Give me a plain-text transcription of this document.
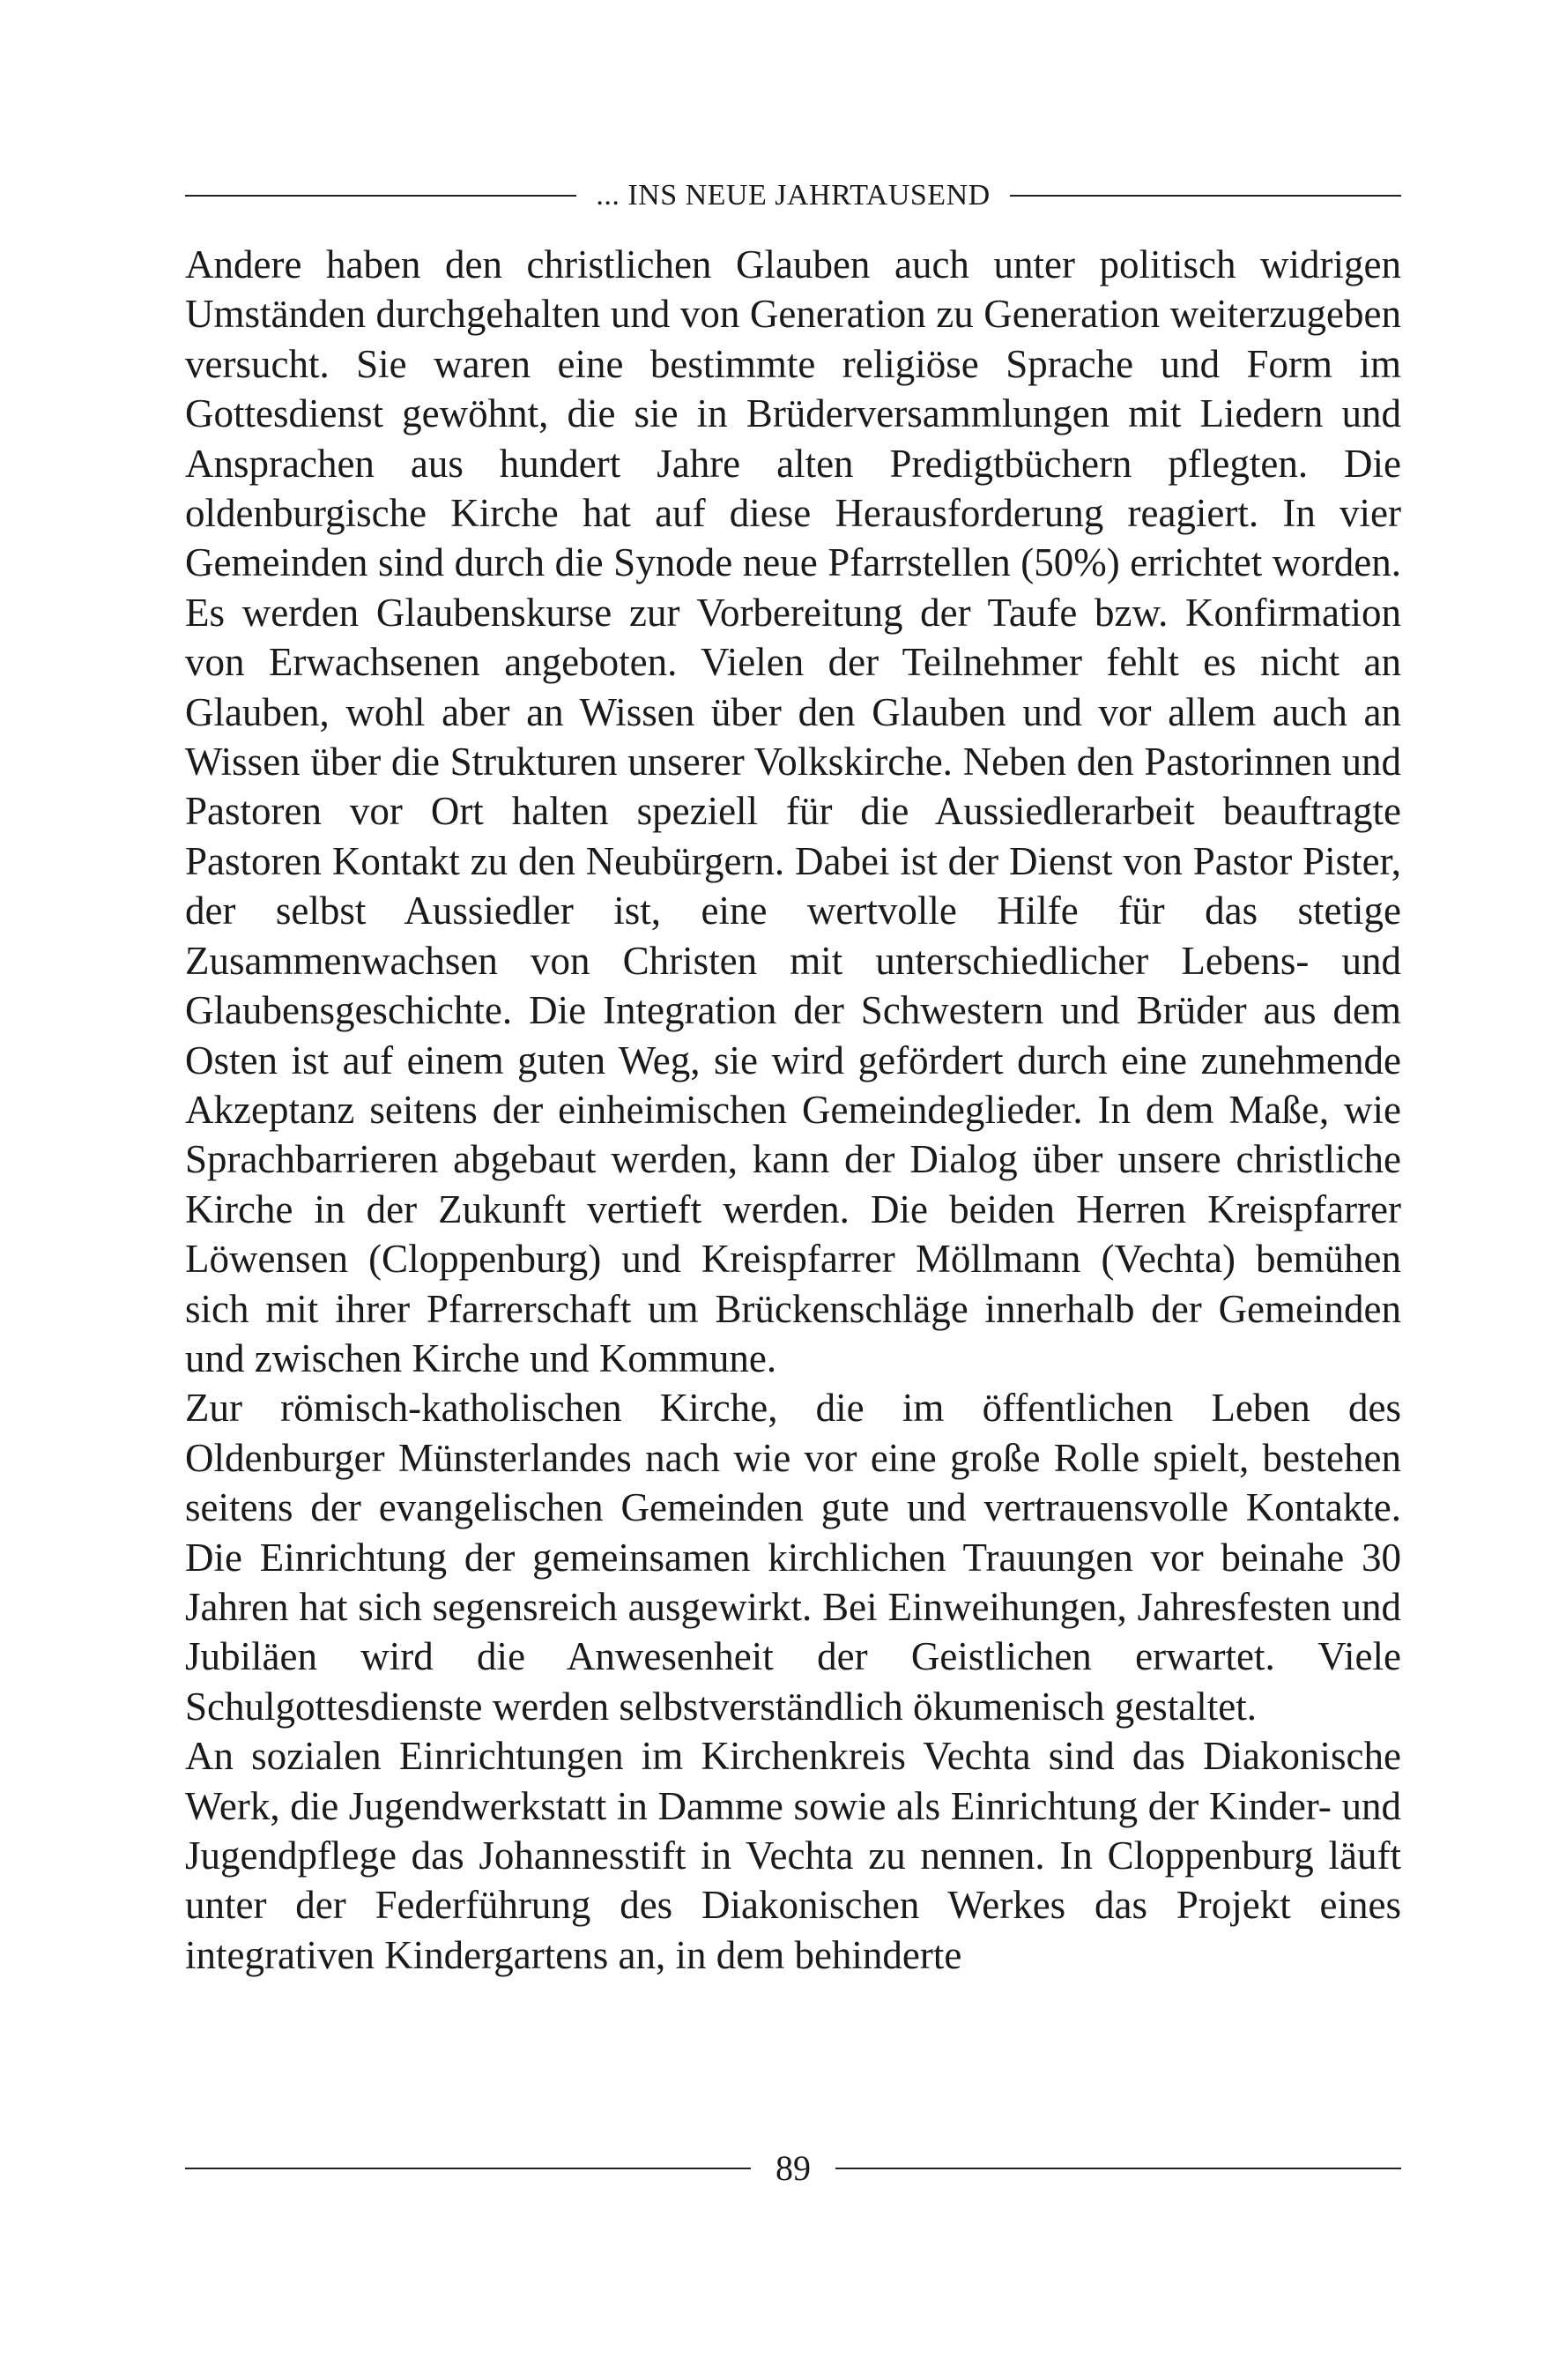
... INS NEUE JAHRTAUSEND

Andere haben den christlichen Glauben auch unter politisch widrigen Umständen durchgehalten und von Generation zu Generation weiterzugeben versucht. Sie waren eine bestimmte religiöse Sprache und Form im Gottesdienst gewöhnt, die sie in Brüderversammlungen mit Liedern und Ansprachen aus hundert Jahre alten Predigtbüchern pflegten. Die oldenburgische Kirche hat auf diese Herausforderung reagiert. In vier Gemeinden sind durch die Synode neue Pfarrstellen (50%) errichtet worden. Es werden Glaubenskurse zur Vorbereitung der Taufe bzw. Konfirmation von Erwachsenen angeboten. Vielen der Teilnehmer fehlt es nicht an Glauben, wohl aber an Wissen über den Glauben und vor allem auch an Wissen über die Strukturen unserer Volkskirche. Neben den Pastorinnen und Pastoren vor Ort halten speziell für die Aussiedlerarbeit beauftragte Pastoren Kontakt zu den Neubürgern. Dabei ist der Dienst von Pastor Pister, der selbst Aussiedler ist, eine wertvolle Hilfe für das stetige Zusammenwachsen von Christen mit unterschiedlicher Lebens- und Glaubensgeschichte. Die Integration der Schwestern und Brüder aus dem Osten ist auf einem guten Weg, sie wird gefördert durch eine zunehmende Akzeptanz seitens der einheimischen Gemeindeglieder. In dem Maße, wie Sprachbarrieren abgebaut werden, kann der Dialog über unsere christliche Kirche in der Zukunft vertieft werden. Die beiden Herren Kreispfarrer Löwensen (Cloppenburg) und Kreispfarrer Möllmann (Vechta) bemühen sich mit ihrer Pfarrerschaft um Brückenschläge innerhalb der Gemeinden und zwischen Kirche und Kommune.

Zur römisch-katholischen Kirche, die im öffentlichen Leben des Oldenburger Münsterlandes nach wie vor eine große Rolle spielt, bestehen seitens der evangelischen Gemeinden gute und vertrauensvolle Kontakte. Die Einrichtung der gemeinsamen kirchlichen Trauungen vor beinahe 30 Jahren hat sich segensreich ausgewirkt. Bei Einweihungen, Jahresfesten und Jubiläen wird die Anwesenheit der Geistlichen erwartet. Viele Schulgottesdienste werden selbstverständlich ökumenisch gestaltet.

An sozialen Einrichtungen im Kirchenkreis Vechta sind das Diakonische Werk, die Jugendwerkstatt in Damme sowie als Einrichtung der Kinder- und Jugendpflege das Johannesstift in Vechta zu nennen. In Cloppenburg läuft unter der Federführung des Diakonischen Werkes das Projekt eines integrativen Kindergartens an, in dem behinderte

89
